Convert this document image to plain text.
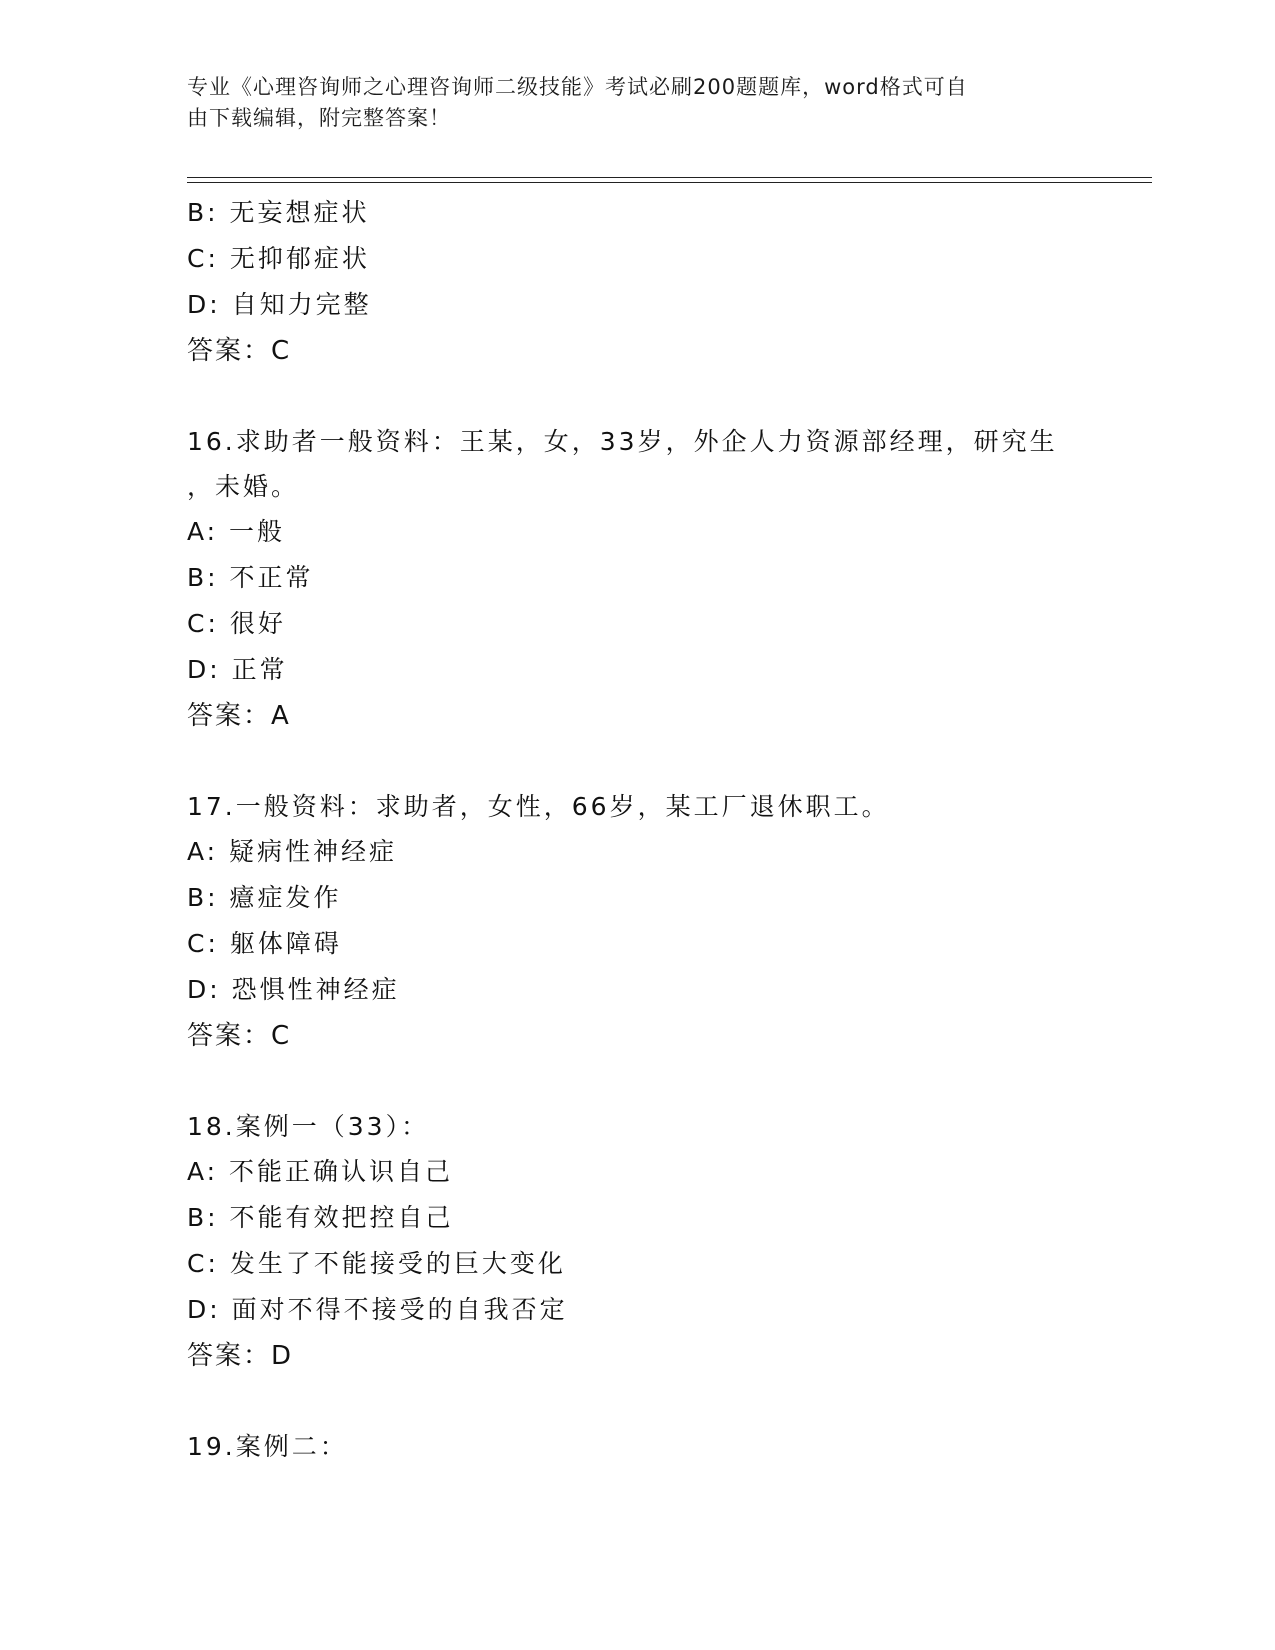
专业《心理咨询师之心理咨询师二级技能》考试必刷200题题库，word格式可自
由下载编辑，附完整答案！
B: 无妄想症状
C: 无抑郁症状
D: 自知力完整
答案：C
16.求助者一般资料：王某，女，33岁，外企人力资源部经理，研究生
，未婚。
A: 一般
B: 不正常
C: 很好
D: 正常
答案：A
17.一般资料：求助者，女性，66岁，某工厂退休职工。
A: 疑病性神经症
B: 癔症发作
C: 躯体障碍
D: 恐惧性神经症
答案：C
18.案例一（33）：
A: 不能正确认识自己
B: 不能有效把控自己
C: 发生了不能接受的巨大变化
D: 面对不得不接受的自我否定
答案：D
19.案例二：
